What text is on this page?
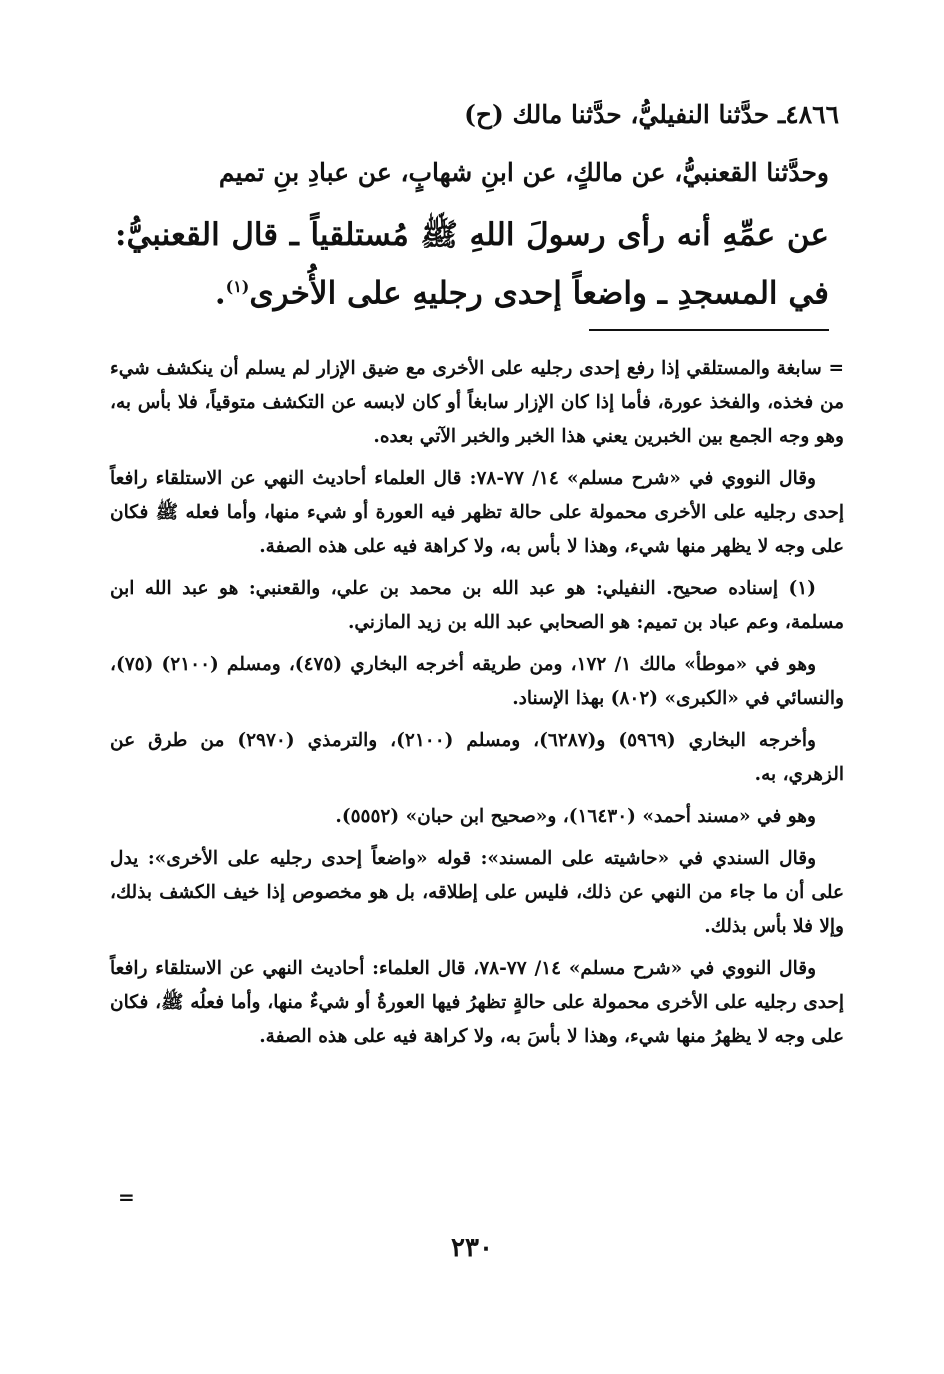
٤٨٦٦ـ حدَّثنا النفيليُّ، حدَّثنا مالك (ح)

وحدَّثنا القعنبيُّ، عن مالكٍ، عن ابنِ شهابٍ، عن عبادِ بنِ تميم

عن عمِّهِ أنه رأى رسولَ اللهِ ﷺ مُستلقياً ـ قال القعنبيُّ: في المسجدِ ـ واضعاً إحدى رجليهِ على الأُخرى$^{(١)}$.

= سابغة والمستلقي إذا رفع إحدى رجليه على الأخرى مع ضيق الإزار لم يسلم أن ينكشف شيء من فخذه، والفخذ عورة، فأما إذا كان الإزار سابغاً أو كان لابسه عن التكشف متوقياً، فلا بأس به، وهو وجه الجمع بين الخبرين يعني هذا الخبر والخبر الآتي بعده.

وقال النووي في «شرح مسلم» ١٤/ ٧٧-٧٨: قال العلماء أحاديث النهي عن الاستلقاء رافعاً إحدى رجليه على الأخرى محمولة على حالة تظهر فيه العورة أو شيء منها، وأما فعله ﷺ فكان على وجه لا يظهر منها شيء، وهذا لا بأس به، ولا كراهة فيه على هذه الصفة.

(١) إسناده صحيح. النفيلي: هو عبد الله بن محمد بن علي، والقعنبي: هو عبد الله ابن مسلمة، وعم عباد بن تميم: هو الصحابي عبد الله بن زيد المازني.

وهو في «موطأ» مالك ١/ ١٧٢، ومن طريقه أخرجه البخاري (٤٧٥)، ومسلم (٢١٠٠) (٧٥)، والنسائي في «الكبرى» (٨٠٢) بهذا الإسناد.

وأخرجه البخاري (٥٩٦٩) و(٦٢٨٧)، ومسلم (٢١٠٠)، والترمذي (٢٩٧٠) من طرق عن الزهري، به.

وهو في «مسند أحمد» (١٦٤٣٠)، و«صحيح ابن حبان» (٥٥٥٢).

وقال السندي في «حاشيته على المسند»: قوله «واضعاً إحدى رجليه على الأخرى»: يدل على أن ما جاء من النهي عن ذلك، فليس على إطلاقه، بل هو مخصوص إذا خيف الكشف بذلك، وإلا فلا بأس بذلك.

وقال النووي في «شرح مسلم» ١٤/ ٧٧-٧٨، قال العلماء: أحاديث النهي عن الاستلقاء رافعاً إحدى رجليه على الأخرى محمولة على حالةٍ تظهرُ فيها العورةُ أو شيءٌ منها، وأما فعلُه ﷺ، فكان على وجه لا يظهرُ منها شيء، وهذا لا بأسَ به، ولا كراهة فيه على هذه الصفة.

=
٢٣٠
